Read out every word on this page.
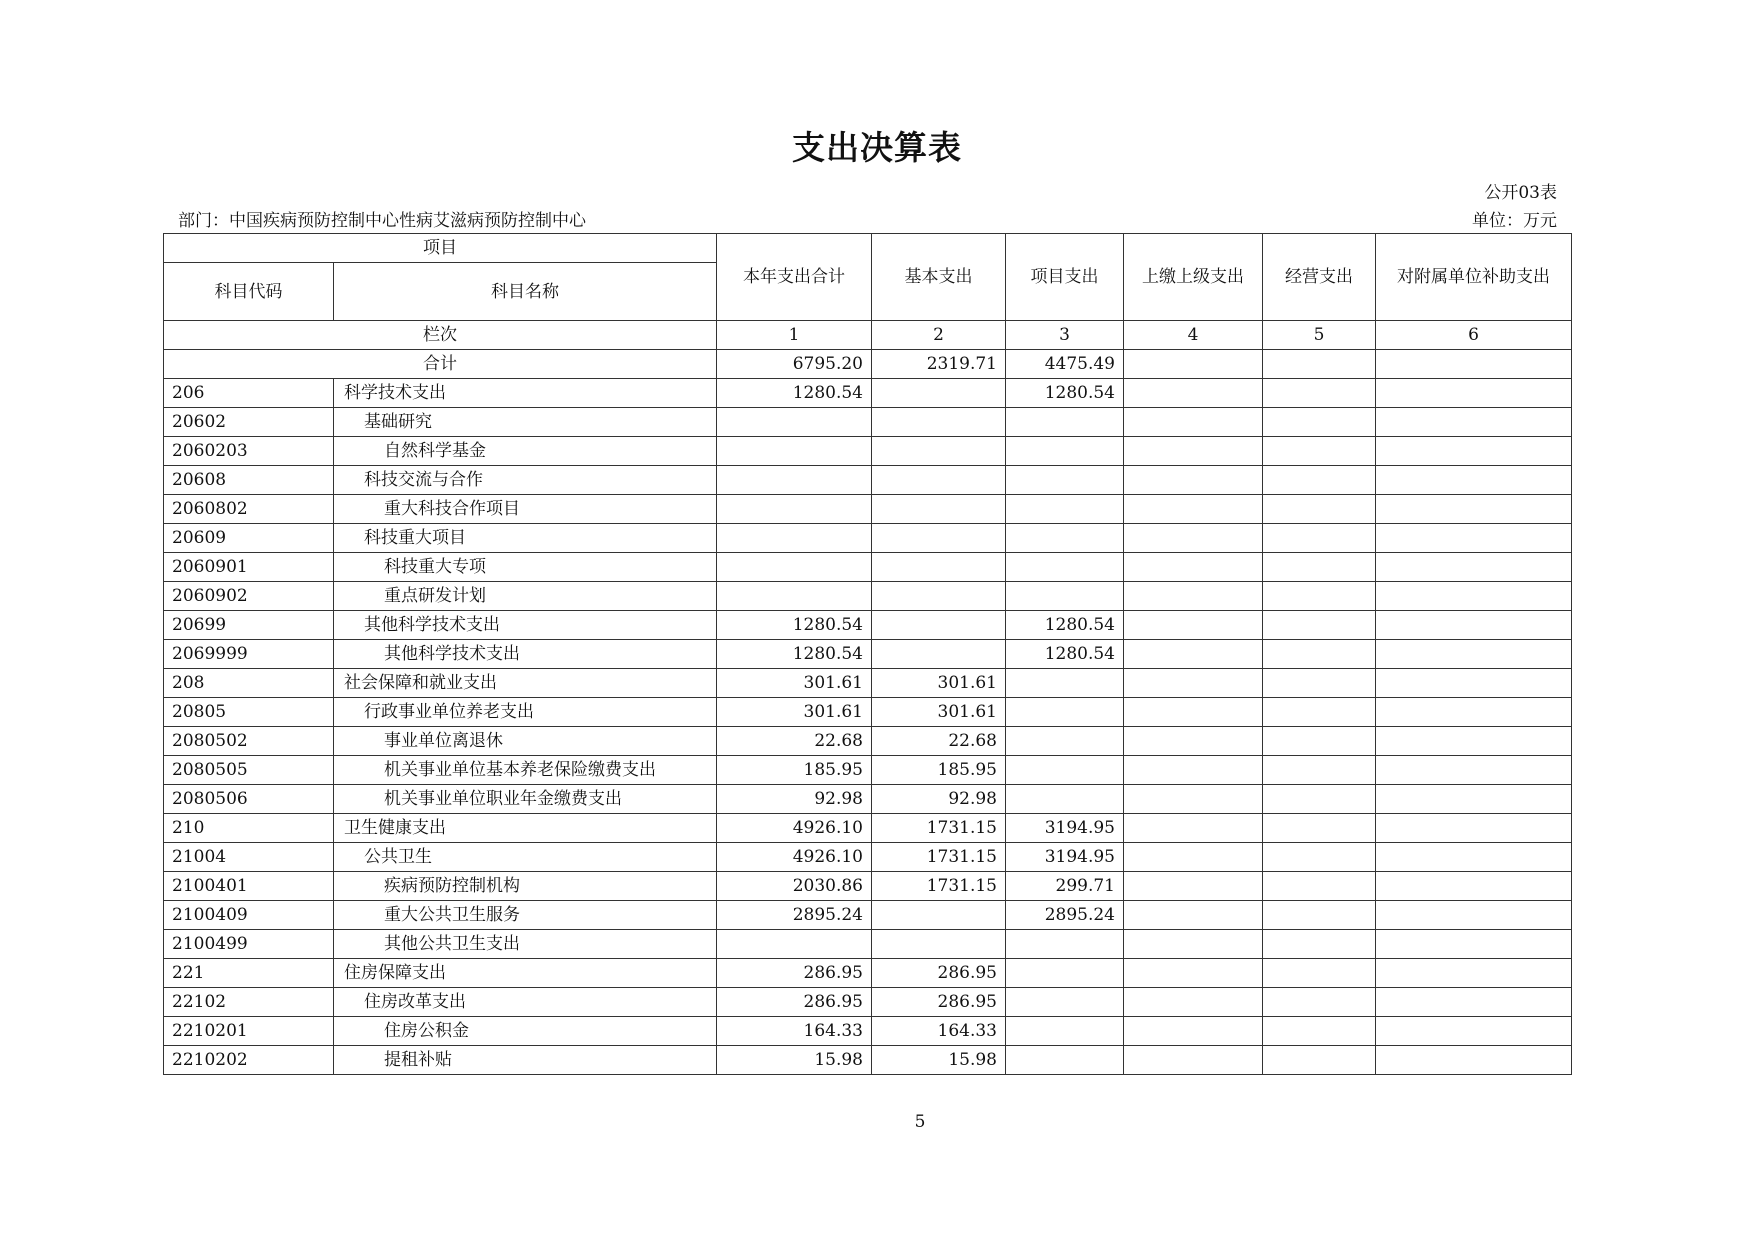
支出决算表
公开03表
部门：中国疾病预防控制中心性病艾滋病预防控制中心	单位：万元
项目		本年支出合计	基本支出	项目支出	上缴上级支出	经营支出	对附属单位补助支出
科目代码	科目名称						
栏次		1	2	3	4	5	6
合计		6795.20	2319.71	4475.49			
206	科学技术支出	1280.54		1280.54			
20602	基础研究						
2060203	自然科学基金						
20608	科技交流与合作						
2060802	重大科技合作项目						
20609	科技重大项目						
2060901	科技重大专项						
2060902	重点研发计划						
20699	其他科学技术支出	1280.54		1280.54			
2069999	其他科学技术支出	1280.54		1280.54			
208	社会保障和就业支出	301.61	301.61				
20805	行政事业单位养老支出	301.61	301.61				
2080502	事业单位离退休	22.68	22.68				
2080505	机关事业单位基本养老保险缴费支出	185.95	185.95				
2080506	机关事业单位职业年金缴费支出	92.98	92.98				
210	卫生健康支出	4926.10	1731.15	3194.95			
21004	公共卫生	4926.10	1731.15	3194.95			
2100401	疾病预防控制机构	2030.86	1731.15	299.71			
2100409	重大公共卫生服务	2895.24		2895.24			
2100499	其他公共卫生支出						
221	住房保障支出	286.95	286.95				
22102	住房改革支出	286.95	286.95				
2210201	住房公积金	164.33	164.33				
2210202	提租补贴	15.98	15.98				
5
